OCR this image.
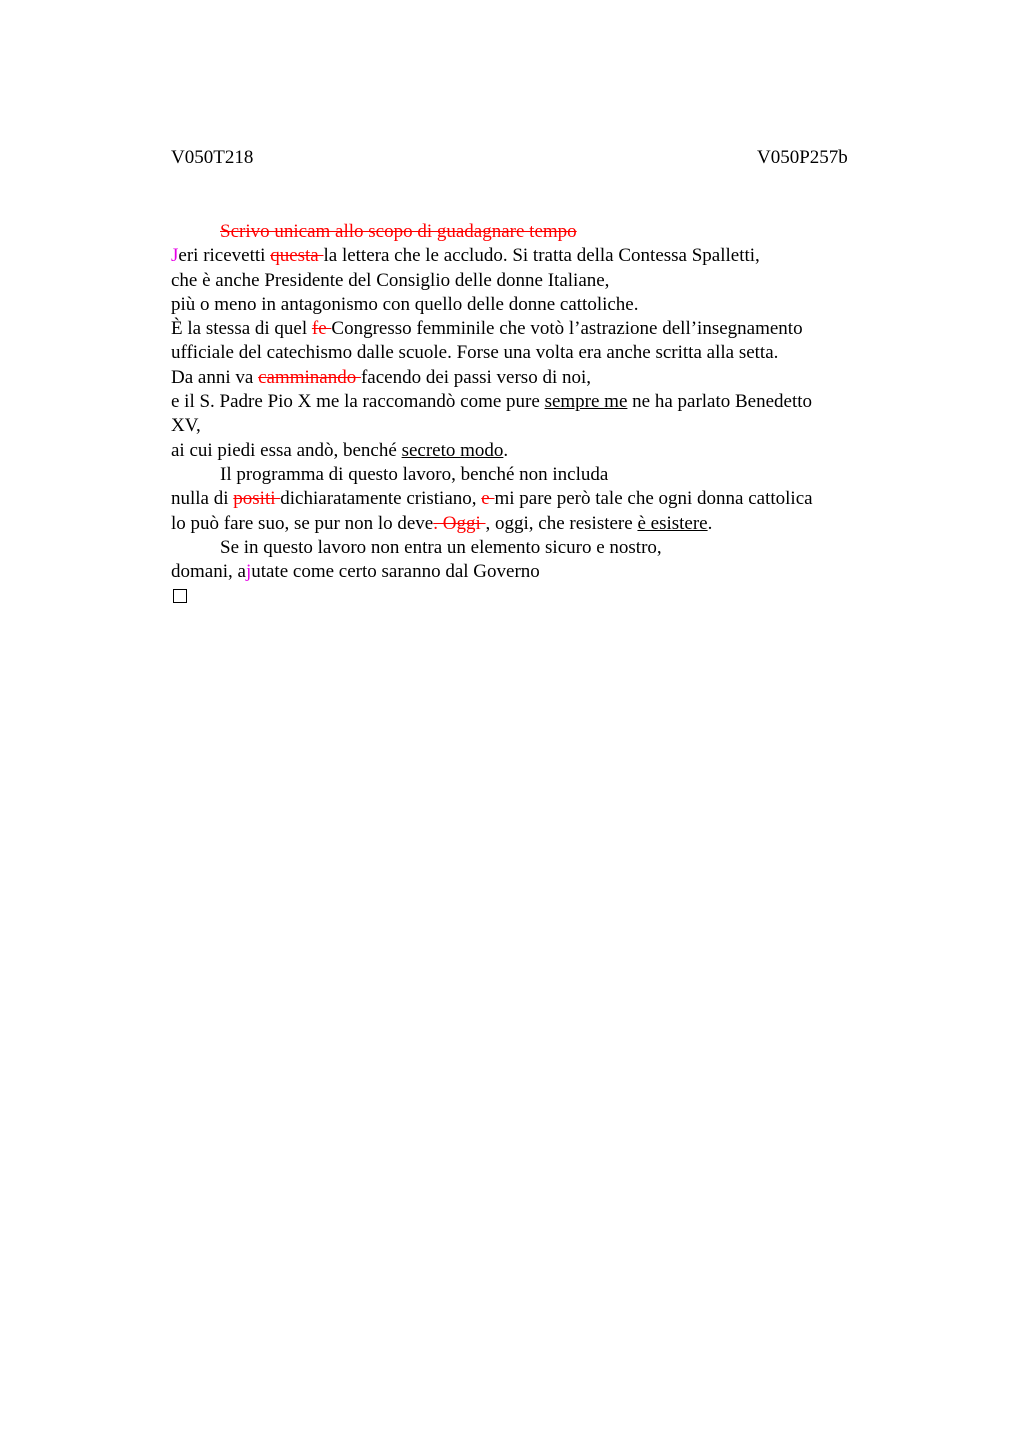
V050T218	V050P257b
Scrivo unicam allo scopo di guadagnare tempo
Jeri ricevetti questa la lettera che le accludo. Si tratta della Contessa Spalletti,
che è anche Presidente del Consiglio delle donne Italiane,
più o meno in antagonismo con quello delle donne cattoliche.
È la stessa di quel fe Congresso femminile che votò l’astrazione dell’insegnamento
ufficiale del catechismo dalle scuole. Forse una volta era anche scritta alla setta.
Da anni va camminando facendo dei passi verso di noi,
e il S. Padre Pio X me la raccomandò come pure sempre me ne ha parlato Benedetto
XV,
ai cui piedi essa andò, benché secreto modo.
Il programma di questo lavoro, benché non includa
nulla di positi dichiaratamente cristiano, e mi pare però tale che ogni donna cattolica
lo può fare suo, se pur non lo deve. Oggi , oggi, che resistere è esistere.
Se in questo lavoro non entra un elemento sicuro e nostro,
domani, ajutate come certo saranno dal Governo
